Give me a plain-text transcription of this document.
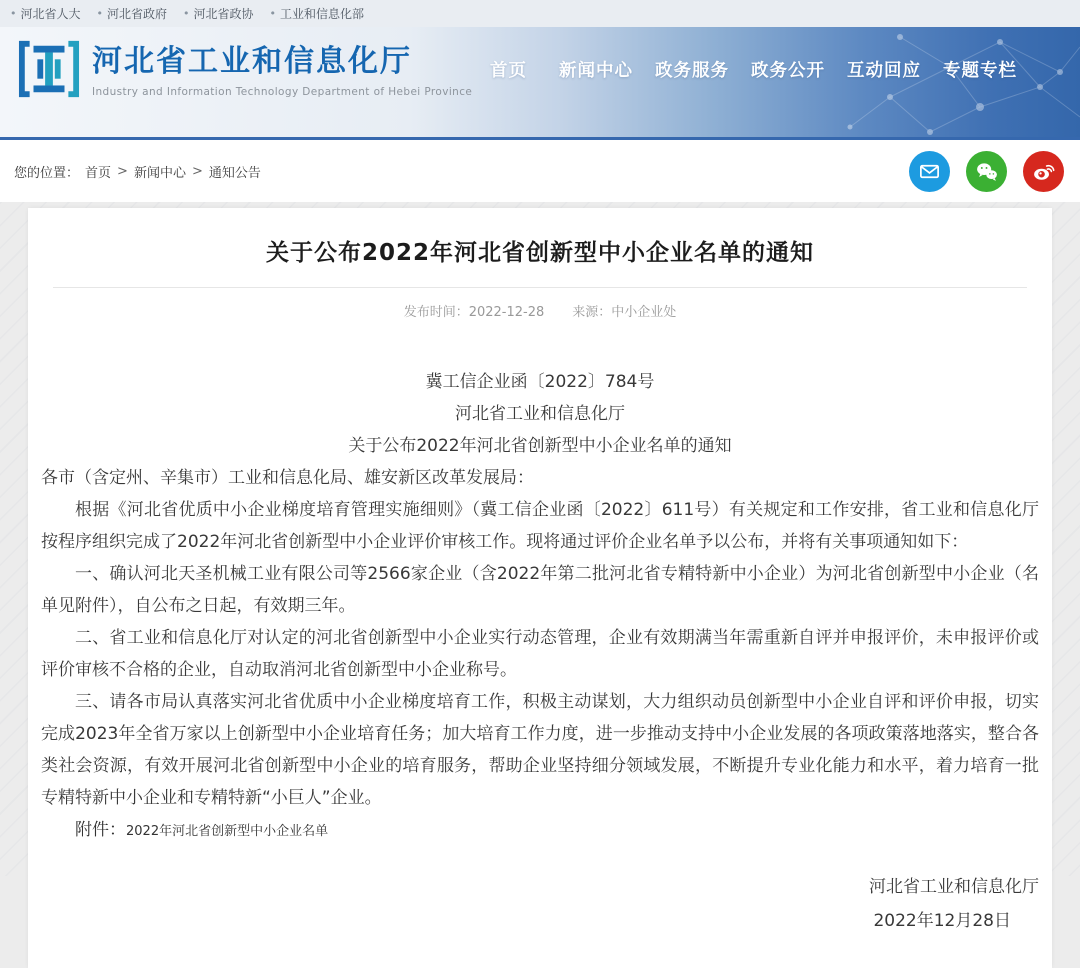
• 河北省人大 • 河北省政府 • 河北省政协 • 工业和信息化部
河北省工业和信息化厅
Industry and Information Technology Department of Hebei Province
首页 新闻中心 政务服务 政务公开 互动回应 专题专栏
您的位置： 首页 > 新闻中心 > 通知公告
关于公布2022年河北省创新型中小企业名单的通知
发布时间：2022-12-28 来源：中小企业处
冀工信企业函〔2022〕784号
河北省工业和信息化厅
关于公布2022年河北省创新型中小企业名单的通知

各市（含定州、辛集市）工业和信息化局、雄安新区改革发展局：

根据《河北省优质中小企业梯度培育管理实施细则》（冀工信企业函〔2022〕611号）有关规定和工作安排，省工业和信息化厅按程序组织完成了2022年河北省创新型中小企业评价审核工作。现将通过评价企业名单予以公布，并将有关事项通知如下：

一、确认河北天圣机械工业有限公司等2566家企业（含2022年第二批河北省专精特新中小企业）为河北省创新型中小企业（名单见附件），自公布之日起，有效期三年。

二、省工业和信息化厅对认定的河北省创新型中小企业实行动态管理，企业有效期满当年需重新自评并申报评价，未申报评价或评价审核不合格的企业，自动取消河北省创新型中小企业称号。

三、请各市局认真落实河北省优质中小企业梯度培育工作，积极主动谋划，大力组织动员创新型中小企业自评和评价申报，切实完成2023年全省万家以上创新型中小企业培育任务；加大培育工作力度，进一步推动支持中小企业发展的各项政策落地落实，整合各类社会资源，有效开展河北省创新型中小企业的培育服务，帮助企业坚持细分领域发展，不断提升专业化能力和水平，着力培育一批专精特新中小企业和专精特新“小巨人”企业。

附件：2022年河北省创新型中小企业名单
河北省工业和信息化厅
2022年12月28日
